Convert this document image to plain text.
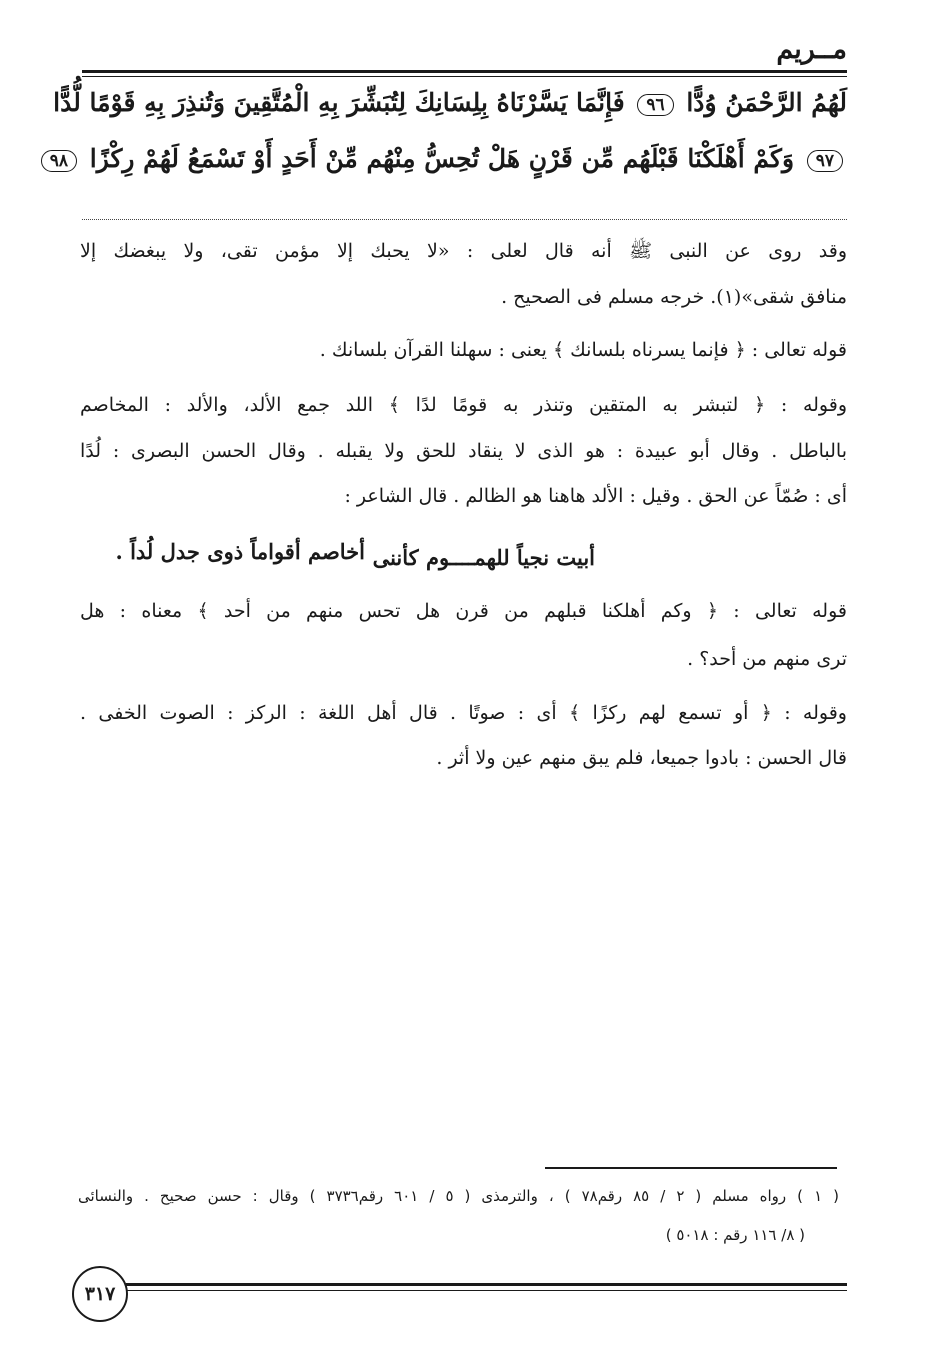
مــريم
لَهُمُ الرَّحْمَنُ وُدًّا ٩٦ فَإِنَّمَا يَسَّرْنَاهُ بِلِسَانِكَ لِتُبَشِّرَ بِهِ الْمُتَّقِينَ وَتُنذِرَ بِهِ قَوْمًا لُّدًّا
٩٧ وَكَمْ أَهْلَكْنَا قَبْلَهُم مِّن قَرْنٍ هَلْ تُحِسُّ مِنْهُم مِّنْ أَحَدٍ أَوْ تَسْمَعُ لَهُمْ رِكْزًا ٩٨
وقد روى عن النبى ﷺ أنه قال لعلى : «لا يحبك إلا مؤمن تقى، ولا يبغضك إلا
منافق شقى»(١). خرجه مسلم فى الصحيح .
قوله تعالى : ﴿ فإنما يسرناه بلسانك ﴾ يعنى : سهلنا القرآن بلسانك .
وقوله : ﴿ لتبشر به المتقين وتنذر به قومًا لدًا ﴾ اللد جمع الألد، والألد : المخاصم
بالباطل . وقال أبو عبيدة : هو الذى لا ينقاد للحق ولا يقبله . وقال الحسن البصرى : لُدًا
أى : صُمّاً عن الحق . وقيل : الألد هاهنا هو الظالم . قال الشاعر :
أبيت نجياً للهمــــوم كأننى
أخاصم أقواماً ذوى جدل لُداً .
قوله تعالى : ﴿ وكم أهلكنا قبلهم من قرن هل تحس منهم من أحد ﴾ معناه : هل
ترى منهم من أحد؟ .
وقوله : ﴿ أو تسمع لهم ركزًا ﴾ أى : صوتًا . قال أهل اللغة : الركز : الصوت الخفى .
قال الحسن : بادوا جميعا، فلم يبق منهم عين ولا أثر .
( ١ ) رواه مسلم ( ٢ / ٨٥ رقم٧٨ ) ، والترمذى ( ٥ / ٦٠١ رقم٣٧٣٦ ) وقال : حسن صحيح . والنسائى
( ٨/ ١١٦ رقم : ٥٠١٨ )
٣١٧
